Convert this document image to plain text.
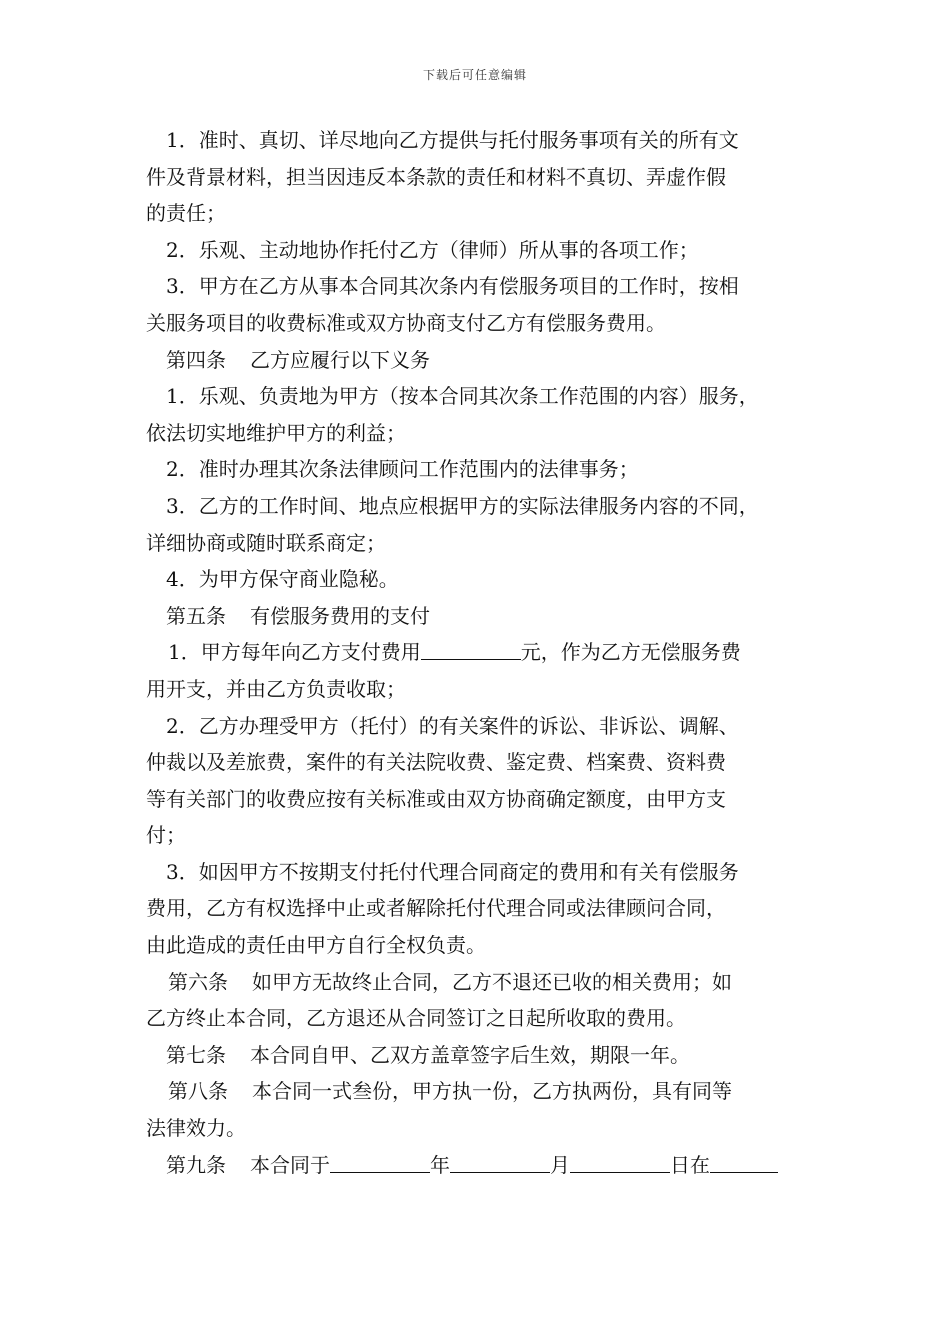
下载后可任意编辑
1．准时、真切、详尽地向乙方提供与托付服务事项有关的所有文
件及背景材料，担当因违反本条款的责任和材料不真切、弄虚作假
的责任；
2．乐观、主动地协作托付乙方（律师）所从事的各项工作；
3．甲方在乙方从事本合同其次条内有偿服务项目的工作时，按相
关服务项目的收费标准或双方协商支付乙方有偿服务费用。
第四条 乙方应履行以下义务
1．乐观、负责地为甲方（按本合同其次条工作范围的内容）服务，
依法切实地维护甲方的利益；
2．准时办理其次条法律顾问工作范围内的法律事务；
3．乙方的工作时间、地点应根据甲方的实际法律服务内容的不同，
详细协商或随时联系商定；
4．为甲方保守商业隐秘。
第五条 有偿服务费用的支付
1．甲方每年向乙方支付费用	元，作为乙方无偿服务费
用开支，并由乙方负责收取；
2．乙方办理受甲方（托付）的有关案件的诉讼、非诉讼、调解、
仲裁以及差旅费，案件的有关法院收费、鉴定费、档案费、资料费
等有关部门的收费应按有关标准或由双方协商确定额度，由甲方支
付；
3．如因甲方不按期支付托付代理合同商定的费用和有关有偿服务
费用，乙方有权选择中止或者解除托付代理合同或法律顾问合同，
由此造成的责任由甲方自行全权负责。
第六条 如甲方无故终止合同，乙方不退还已收的相关费用；如
乙方终止本合同，乙方退还从合同签订之日起所收取的费用。
第七条 本合同自甲、乙双方盖章签字后生效，期限一年。
第八条 本合同一式叁份，甲方执一份，乙方执两份，具有同等
法律效力。
第九条 本合同于	年	月	日在
